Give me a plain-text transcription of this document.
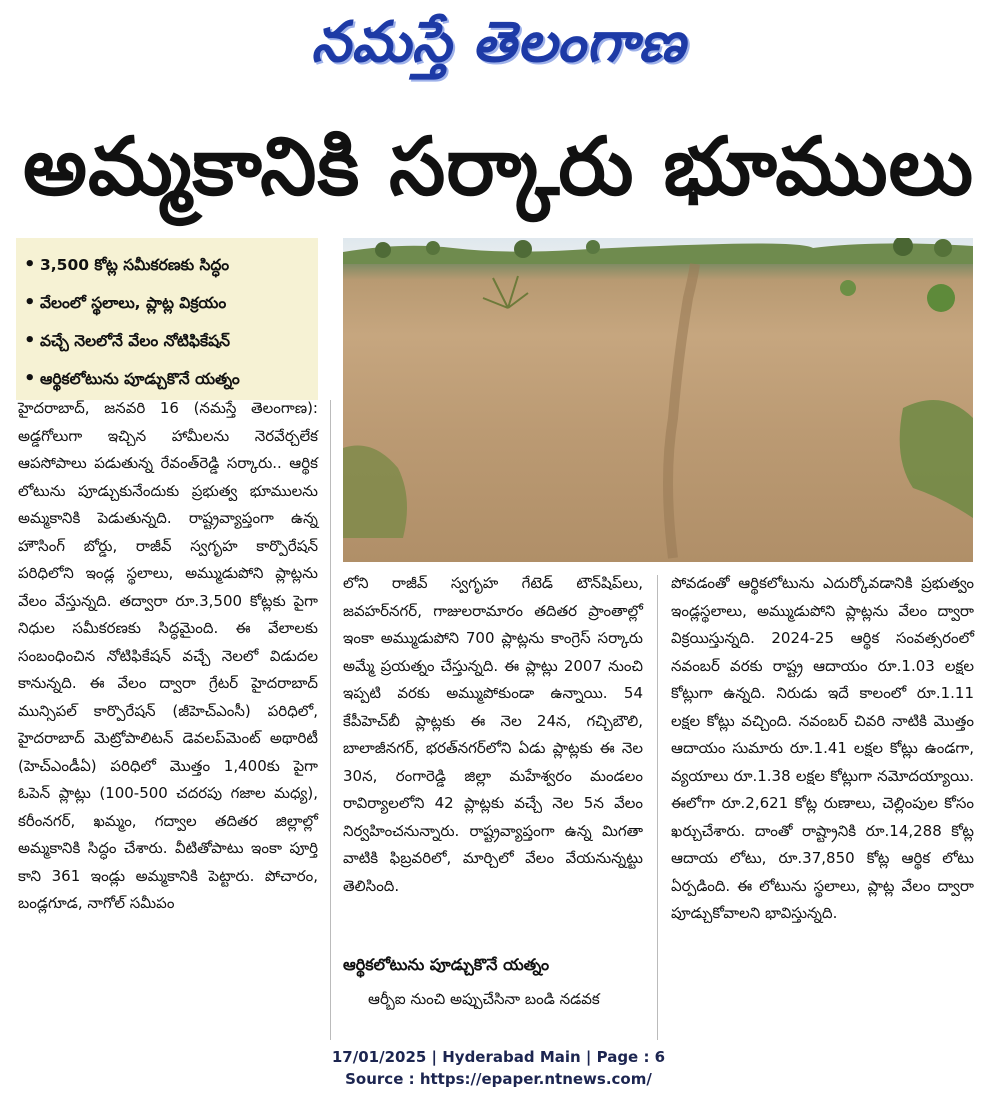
నమస్తే తెలంగాణ
అమ్మకానికి సర్కారు భూములు
• 3,500 కోట్ల సమీకరణకు సిద్ధం
• వేలంలో స్థలాలు, ప్లాట్ల విక్రయం
• వచ్చే నెలలోనే వేలం నోటిఫికేషన్
• ఆర్థికలోటును పూడ్చుకొనే యత్నం

హైదరాబాద్, జనవరి 16 (నమస్తే తెలంగాణ): అడ్డగోలుగా ఇచ్చిన హామీలను నెరవేర్చలేక ఆపసోపాలు పడుతున్న రేవంత్‌రెడ్డి సర్కారు.. ఆర్థిక లోటును పూడ్చుకునేందుకు ప్రభుత్వ భూములను అమ్మకానికి పెడుతున్నది. రాష్ట్రవ్యాప్తంగా ఉన్న హౌసింగ్ బోర్డు, రాజీవ్ స్వగృహ కార్పొరేషన్ పరిధిలోని ఇండ్ల స్థలాలు, అమ్ముడుపోని ప్లాట్లను వేలం వేస్తున్నది. తద్వారా రూ.3,500 కోట్లకు పైగా నిధుల సమీకరణకు సిద్ధమైంది. ఈ వేలాలకు సంబంధించిన నోటిఫికేషన్ వచ్చే నెలలో విడుదల కానున్నది. ఈ వేలం ద్వారా గ్రేటర్ హైదరాబాద్ మున్సిపల్ కార్పొరేషన్ (జీహెచ్‌ఎంసీ) పరిధిలో, హైదరాబాద్ మెట్రోపాలిటన్ డెవలప్‌మెంట్ అథారిటీ (హెచ్‌ఎండీఏ) పరిధిలో మొత్తం 1,400కు పైగా ఓపెన్ ప్లాట్లు (100-500 చదరపు గజాల మధ్య), కరీంనగర్, ఖమ్మం, గద్వాల తదితర జిల్లాల్లో అమ్మకానికి సిద్ధం చేశారు. వీటితోపాటు ఇంకా పూర్తి కాని 361 ఇండ్లు అమ్మకానికి పెట్టారు. పోచారం, బండ్లగూడ, నాగోల్ సమీపం

లోని రాజీవ్ స్వగృహ గేటెడ్ టౌన్‌షిప్‌లు, జవహర్‌నగర్, గాజులరామారం తదితర ప్రాంతాల్లో ఇంకా అమ్ముడుపోని 700 ప్లాట్లను కాంగ్రెస్ సర్కారు అమ్మే ప్రయత్నం చేస్తున్నది. ఈ ప్లాట్లు 2007 నుంచి ఇప్పటి వరకు అమ్ముపోకుండా ఉన్నాయి. 54 కేపీహెచ్‌బీ ప్లాట్లకు ఈ నెల 24న, గచ్చిబౌలి, బాలాజీనగర్, భరత్‌నగర్‌లోని ఏడు ప్లాట్లకు ఈ నెల 30న, రంగారెడ్డి జిల్లా మహేశ్వరం మండలం రావిర్యాలలోని 42 ప్లాట్లకు వచ్చే నెల 5న వేలం నిర్వహించనున్నారు. రాష్ట్రవ్యాప్తంగా ఉన్న మిగతా వాటికి ఫిబ్రవరిలో, మార్చిలో వేలం వేయనున్నట్టు తెలిసింది.

ఆర్థికలోటును పూడ్చుకొనే యత్నం
ఆర్బీఐ నుంచి అప్పుచేసినా బండి నడవక

పోవడంతో ఆర్థికలోటును ఎదుర్కోవడానికి ప్రభుత్వం ఇండ్లస్థలాలు, అమ్ముడుపోని ప్లాట్లను వేలం ద్వారా విక్రయిస్తున్నది. 2024-25 ఆర్థిక సంవత్సరంలో నవంబర్ వరకు రాష్ట్ర ఆదాయం రూ.1.03 లక్షల కోట్లుగా ఉన్నది. నిరుడు ఇదే కాలంలో రూ.1.11 లక్షల కోట్లు వచ్చింది. నవంబర్ చివరి నాటికి మొత్తం ఆదాయం సుమారు రూ.1.41 లక్షల కోట్లు ఉండగా, వ్యయాలు రూ.1.38 లక్షల కోట్లుగా నమోదయ్యాయి. ఈలోగా రూ.2,621 కోట్ల రుణాలు, చెల్లింపుల కోసం ఖర్చుచేశారు. దాంతో రాష్ట్రానికి రూ.14,288 కోట్ల ఆదాయ లోటు, రూ.37,850 కోట్ల ఆర్థిక లోటు ఏర్పడింది. ఈ లోటును స్థలాలు, ప్లాట్ల వేలం ద్వారా పూడ్చుకోవాలని భావిస్తున్నది.

17/01/2025 | Hyderabad Main | Page : 6
Source : https://epaper.ntnews.com/
